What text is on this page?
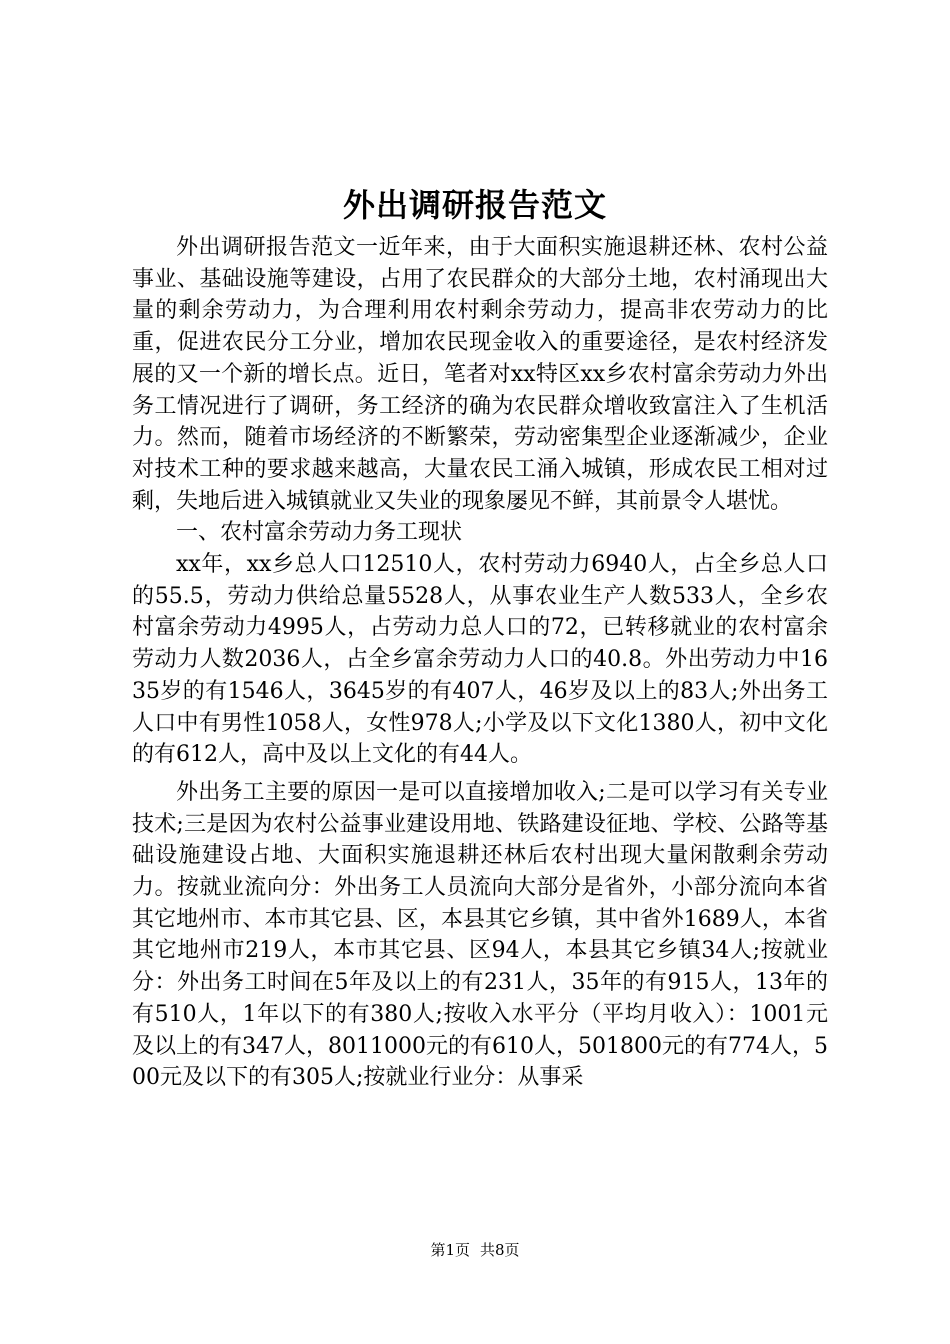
外出调研报告范文

外出调研报告范文一近年来，由于大面积实施退耕还林、农村公益事业、基础设施等建设，占用了农民群众的大部分土地，农村涌现出大量的剩余劳动力，为合理利用农村剩余劳动力，提高非农劳动力的比重，促进农民分工分业，增加农民现金收入的重要途径，是农村经济发展的又一个新的增长点。近日，笔者对xx特区xx乡农村富余劳动力外出务工情况进行了调研，务工经济的确为农民群众增收致富注入了生机活力。然而，随着市场经济的不断繁荣，劳动密集型企业逐渐减少，企业对技术工种的要求越来越高，大量农民工涌入城镇，形成农民工相对过剩，失地后进入城镇就业又失业的现象屡见不鲜，其前景令人堪忧。

一、农村富余劳动力务工现状

xx年，xx乡总人口12510人，农村劳动力6940人，占全乡总人口的55.5，劳动力供给总量5528人，从事农业生产人数533人，全乡农村富余劳动力4995人，占劳动力总人口的72，已转移就业的农村富余劳动力人数2036人，占全乡富余劳动力人口的40.8。外出劳动力中1635岁的有1546人，3645岁的有407人，46岁及以上的83人;外出务工人口中有男性1058人，女性978人;小学及以下文化1380人，初中文化的有612人，高中及以上文化的有44人。

外出务工主要的原因一是可以直接增加收入;二是可以学习有关专业技术;三是因为农村公益事业建设用地、铁路建设征地、学校、公路等基础设施建设占地、大面积实施退耕还林后农村出现大量闲散剩余劳动力。按就业流向分：外出务工人员流向大部分是省外，小部分流向本省其它地州市、本市其它县、区，本县其它乡镇，其中省外1689人，本省其它地州市219人，本市其它县、区94人，本县其它乡镇34人;按就业分：外出务工时间在5年及以上的有231人，35年的有915人，13年的有510人，1年以下的有380人;按收入水平分（平均月收入）：1001元及以上的有347人，8011000元的有610人，501800元的有774人，500元及以下的有305人;按就业行业分：从事采

第1页 共8页
